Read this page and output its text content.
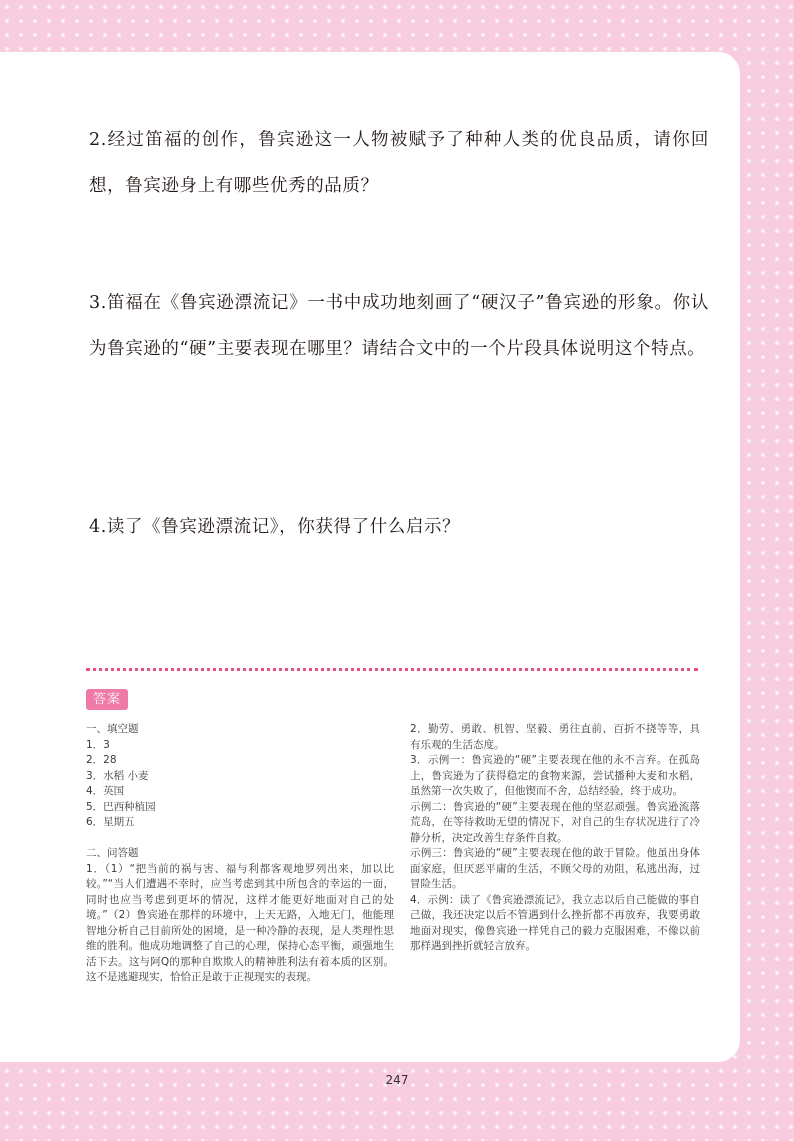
2.经过笛福的创作，鲁宾逊这一人物被赋予了种种人类的优良品质，请你回想，鲁宾逊身上有哪些优秀的品质？

3.笛福在《鲁宾逊漂流记》一书中成功地刻画了“硬汉子”鲁宾逊的形象。你认为鲁宾逊的“硬”主要表现在哪里？请结合文中的一个片段具体说明这个特点。

4.读了《鲁宾逊漂流记》，你获得了什么启示？

答案

一、填空题

1．3

2．28

3．水稻 小麦

4．英国

5．巴西种植园

6．星期五

二、问答题

1．（1）“把当前的祸与害、福与利都客观地罗列出来，加以比较。”“当人们遭遇不幸时，应当考虑到其中所包含的幸运的一面，同时也应当考虑到更坏的情况，这样才能更好地面对自己的处境。”（2）鲁宾逊在那样的环境中，上天无路，入地无门，他能理智地分析自己目前所处的困境，是一种冷静的表现，是人类理性思维的胜利。他成功地调整了自己的心理，保持心态平衡，顽强地生活下去。这与阿Q的那种自欺欺人的精神胜利法有着本质的区别。这不是逃避现实，恰恰正是敢于正视现实的表现。

2．勤劳、勇敢、机智、坚毅、勇往直前、百折不挠等等，具有乐观的生活态度。

3．示例一：鲁宾逊的“硬”主要表现在他的永不言弃。在孤岛上，鲁宾逊为了获得稳定的食物来源，尝试播种大麦和水稻，虽然第一次失败了，但他锲而不舍，总结经验，终于成功。

示例二：鲁宾逊的“硬”主要表现在他的坚忍顽强。鲁宾逊流落荒岛，在等待救助无望的情况下，对自己的生存状况进行了冷静分析，决定改善生存条件自救。

示例三：鲁宾逊的“硬”主要表现在他的敢于冒险。他虽出身体面家庭，但厌恶平庸的生活，不顾父母的劝阻，私逃出海，过冒险生活。

4．示例：读了《鲁宾逊漂流记》，我立志以后自己能做的事自己做，我还决定以后不管遇到什么挫折都不再放弃，我要勇敢地面对现实，像鲁宾逊一样凭自己的毅力克服困难，不像以前那样遇到挫折就轻言放弃。

247
